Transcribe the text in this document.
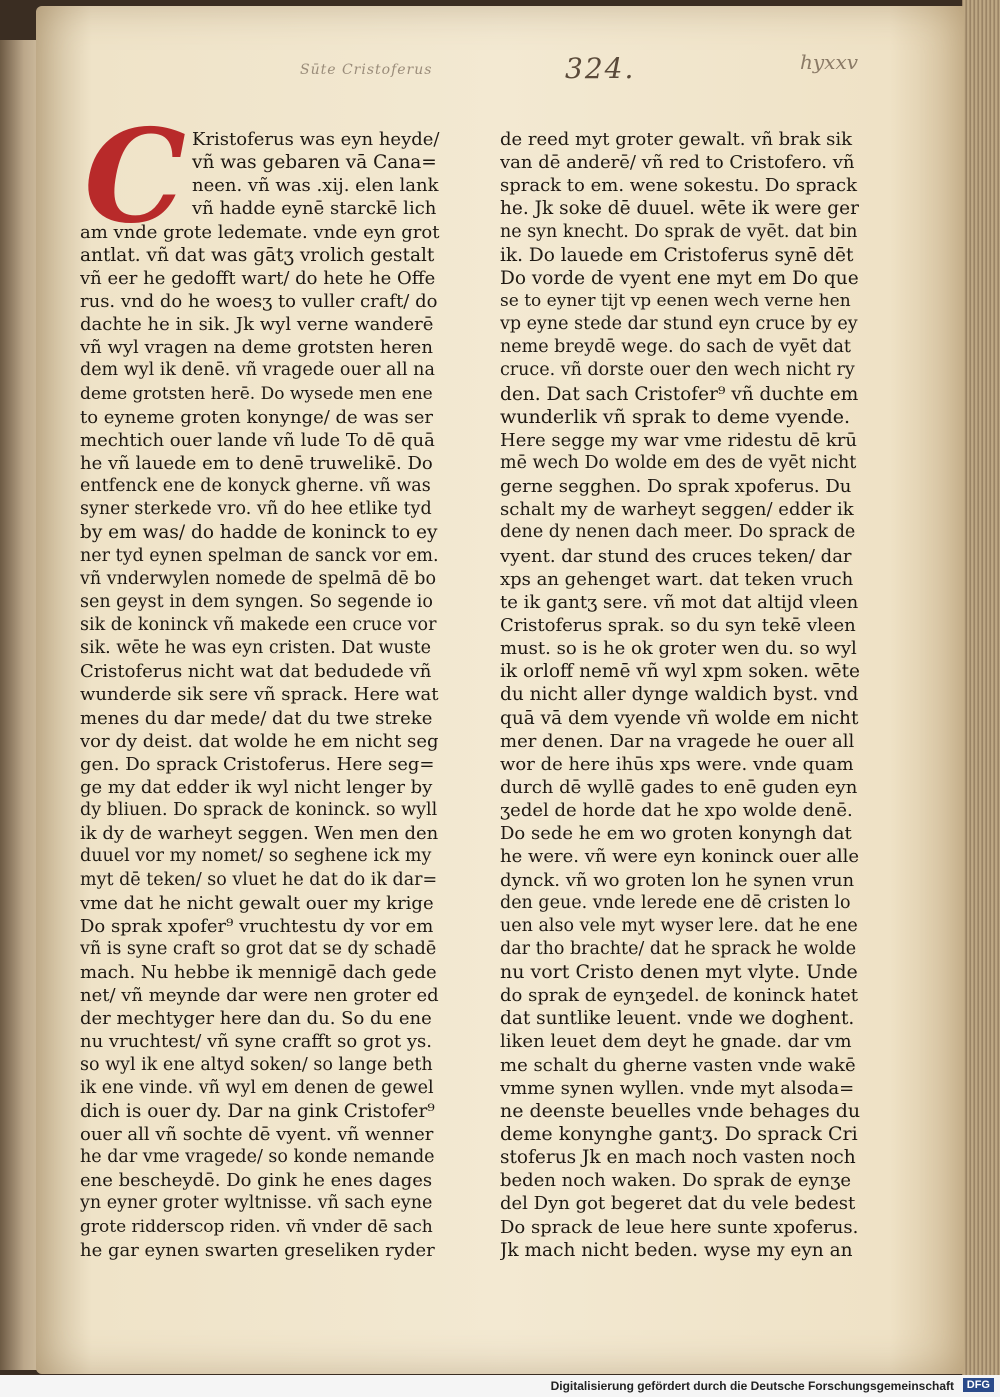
Sūte Cristoferus	324.	hyxxv
C Kristoferus was eyn heyde/
vñ was gebaren vā Cana=
neen. vñ was .xij. elen lank
vñ hadde eynē starckē lich
am vnde grote ledemate. vnde eyn grot
antlat. vñ dat was gātʒ vrolich gestalt
vñ eer he gedofft wart/ do hete he Offe
rus. vnd do he woesʒ to vuller craft/ do
dachte he in sik. Jk wyl verne wanderē
vñ wyl vragen na deme grotsten heren
dem wyl ik denē. vñ vragede ouer all na
deme grotsten herē. Do wysede men ene
to eyneme groten konynge/ de was ser
mechtich ouer lande vñ lude To dē quā
he vñ lauede em to denē truwelikē. Do
entfenck ene de konyck gherne. vñ was
syner sterkede vro. vñ do hee etlike tyd
by em was/ do hadde de koninck to ey
ner tyd eynen spelman de sanck vor em.
vñ vnderwylen nomede de spelmā dē bo
sen geyst in dem syngen. So segende io
sik de koninck vñ makede een cruce vor
sik. wēte he was eyn cristen. Dat wuste
Cristoferus nicht wat dat bedudede vñ
wunderde sik sere vñ sprack. Here wat
menes du dar mede/ dat du twe strеke
vor dy deist. dat wolde he em nicht seg
gen. Do sprack Cristoferus. Here seg=
ge my dat edder ik wyl nicht lenger by
dy bliuen. Do sprack de koninck. so wyll
ik dy de warheyt seggen. Wen men den
duuel vor my nomet/ so seghene ick my
myt dē teken/ so vluet he dat do ik dar=
vme dat he nicht gewalt ouer my krige
Do sprak xpofer⁹ vruchtestu dy vor em
vñ is syne craft so grot dat se dy schadē
mach. Nu hebbe ik mennigē dach gede
net/ vñ meynde dar were nen groter ed
der mechtyger here dan du. So du ene
nu vruchtest/ vñ syne crafft so grot ys.
so wyl ik ene altyd soken/ so lange beth
ik ene vinde. vñ wyl em denen de gewel
dich is ouer dy. Dar na gink Cristofer⁹
ouer all vñ sochte dē vyent. vñ wenner
he dar vme vragede/ so konde nemande
ene bescheydē. Do gink he enes dages
yn eyner groter wyltnisse. vñ sach eyne
grote ridderscop riden. vñ vnder dē sach
he gar eynen swarten greseliken ryder
de reed myt groter gewalt. vñ brak sik
van dē anderē/ vñ red to Cristofero. vñ
sprack to em. wene sokestu. Do sprack
he. Jk soke dē duuel. wēte ik were ger
ne syn knecht. Do sprak de vyēt. dat bin
ik. Do lauede em Cristoferus synē dēt
Do vorde de vyent ene myt em Do que
se to eyner tijt vp eenen wech verne hen
vp eyne stede dar stund eyn cruce by ey
neme breydē wege. do sach de vyēt dat
cruce. vñ dorste ouer den wech nicht ry
den. Dat sach Cristofer⁹ vñ duchte em
wunderlik vñ sprak to deme vyende.
Here segge my war vme ridestu dē krū
mē wech Do wolde em des de vyēt nicht
gerne segghen. Do sprak xpoferus. Du
schalt my de warheyt seggen/ edder ik
dene dy nenen dach meer. Do sprack de
vyent. dar stund des cruces teken/ dar
xps an gehenget wart. dat teken vruch
te ik gantʒ sere. vñ mot dat altijd vleen
Cristoferus sprak. so du syn tekē vleen
must. so is he ok groter wen du. so wyl
ik orloff nemē vñ wyl xpm soken. wēte
du nicht aller dynge waldich byst. vnd
quā vā dem vyende vñ wolde em nicht
mer denen. Dar na vragede he ouer all
wor de here ihūs xps were. vnde quam
durch dē wyllē gades to enē guden eyn
ʒedel de horde dat he xpo wolde denē.
Do sede he em wo groten konyngh dat
he were. vñ were eyn koninck ouer alle
dynck. vñ wo groten lon he synen vrun
den geue. vnde lerede ene dē cristen lo
uen also vele myt wyser lere. dat he ene
dar tho brachte/ dat he sprack he wolde
nu vort Cristo denen myt vlyte. Unde
do sprak de eynʒedel. de koninck hatet
dat suntlike leuent. vnde we doghent.
liken leuet dem deyt he gnade. dar vm
me schalt du gherne vasten vnde wakē
vmme synen wyllen. vnde myt alsoda=
ne deenste beuelles vnde behages du
deme konynghe gantʒ. Do sprack Cri
stoferus Jk en mach noch vasten noch
beden noch waken. Do sprak de eynʒe
del Dyn got begeret dat du vele bedest
Do sprack de leue here sunte xpoferus.
Jk mach nicht beden. wyse my eyn an
Digitalisierung gefördert durch die Deutsche Forschungsgemeinschaft	DFG
